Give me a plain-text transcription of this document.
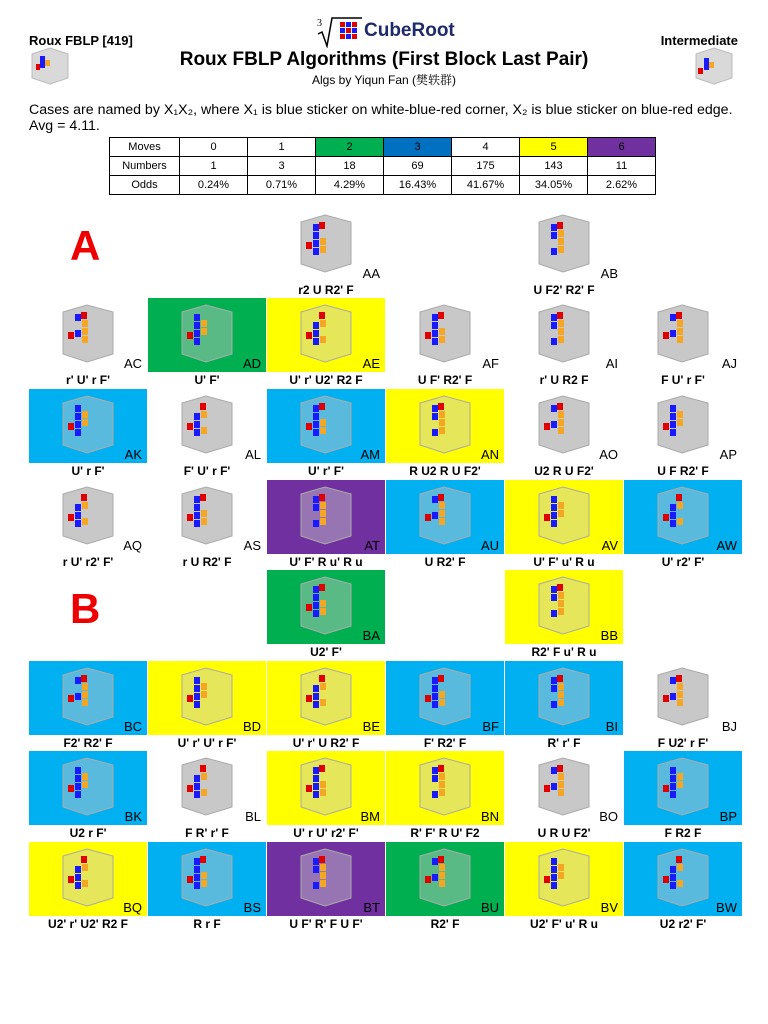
Roux FBLP [419]	Intermediate
3 CubeRoot
Roux FBLP Algorithms (First Block Last Pair)
Algs by Yiqun Fan (樊轶群)
Cases are named by X₁X₂, where X₁ is blue sticker on white-blue-red corner, X₂ is blue sticker on blue-red edge.
Avg = 4.11.
Moves	0	1	2	3	4	5	6
Numbers	1	3	18	69	175	143	11
Odds	0.24%	0.71%	4.29%	16.43%	41.67%	34.05%	2.62%
A
B
AA
r2 U R2' F
AB
U F2' R2' F
AC
r' U' r F'
AD
U' F'
AE
U' r' U2' R2 F
AF
U F' R2' F
AI
r' U R2 F
AJ
F U' r F'
AK
U' r F'
AL
F' U' r F'
AM
U' r' F'
AN
R U2 R U F2'
AO
U2 R U F2'
AP
U F R2' F
AQ
r U' r2' F'
AS
r U R2' F
AT
U' F' R u' R u
AU
U R2' F
AV
U' F' u' R u
AW
U' r2' F'
BA
U2' F'
BB
R2' F u' R u
BC
F2' R2' F
BD
U' r' U' r F'
BE
U' r' U R2' F
BF
F' R2' F
BI
R' r' F
BJ
F U2' r F'
BK
U2 r F'
BL
F R' r' F
BM
U' r U' r2' F'
BN
R' F' R U' F2
BO
U R U F2'
BP
F R2 F
BQ
U2' r' U2' R2 F
BS
R r F
BT
U F' R' F U F'
BU
R2' F
BV
U2' F' u' R u
BW
U2 r2' F'
